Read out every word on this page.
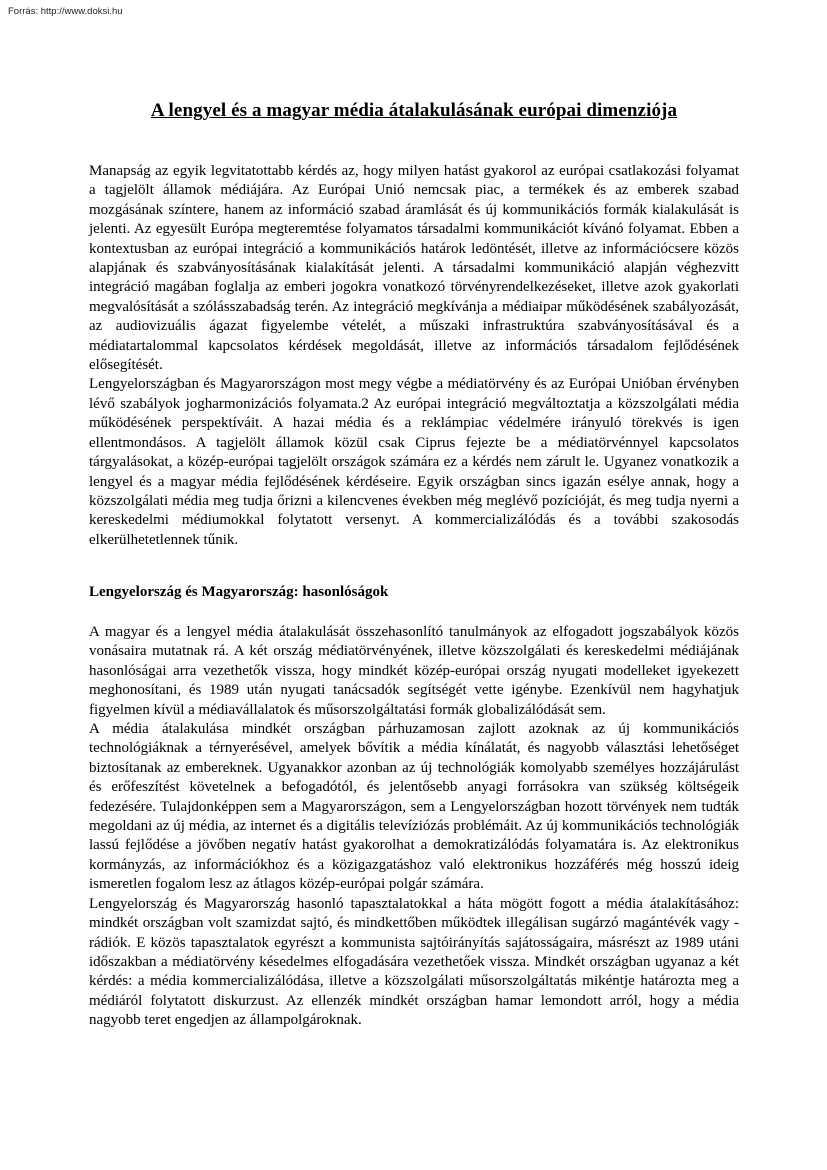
Forrás: http://www.doksi.hu
A lengyel és a magyar média átalakulásának európai dimenziója

Manapság az egyik legvitatottabb kérdés az, hogy milyen hatást gyakorol az európai csatlakozási folyamat a tagjelölt államok médiájára. Az Európai Unió nemcsak piac, a termékek és az emberek szabad mozgásának színtere, hanem az információ szabad áramlását és új kommunikációs formák kialakulását is jelenti. Az egyesült Európa megteremtése folyamatos társadalmi kommunikációt kívánó folyamat. Ebben a kontextusban az európai integráció a kommunikációs határok ledöntését, illetve az információcsere közös alapjának és szabványosításának kialakítását jelenti. A társadalmi kommunikáció alapján véghezvitt integráció magában foglalja az emberi jogokra vonatkozó törvényrendelkezéseket, illetve azok gyakorlati megvalósítását a szólásszabadság terén. Az integráció megkívánja a médiaipar működésének szabályozását, az audiovizuális ágazat figyelembe vételét, a műszaki infrastruktúra szabványosításával és a médiatartalommal kapcsolatos kérdések megoldását, illetve az információs társadalom fejlődésének elősegítését.

Lengyelországban és Magyarországon most megy végbe a médiatörvény és az Európai Unióban érvényben lévő szabályok jogharmonizációs folyamata.2 Az európai integráció megváltoztatja a közszolgálati média működésének perspektíváit. A hazai média és a reklámpiac védelmére irányuló törekvés is igen ellentmondásos. A tagjelölt államok közül csak Ciprus fejezte be a médiatörvénnyel kapcsolatos tárgyalásokat, a közép-európai tagjelölt országok számára ez a kérdés nem zárult le. Ugyanez vonatkozik a lengyel és a magyar média fejlődésének kérdéseire. Egyik országban sincs igazán esélye annak, hogy a közszolgálati média meg tudja őrizni a kilencvenes években még meglévő pozícióját, és meg tudja nyerni a kereskedelmi médiumokkal folytatott versenyt. A kommercializálódás és a további szakosodás elkerülhetetlennek tűnik.

Lengyelország és Magyarország: hasonlóságok

A magyar és a lengyel média átalakulását összehasonlító tanulmányok az elfogadott jogszabályok közös vonásaira mutatnak rá. A két ország médiatörvényének, illetve közszolgálati és kereskedelmi médiájának hasonlóságai arra vezethetők vissza, hogy mindkét közép-európai ország nyugati modelleket igyekezett meghonosítani, és 1989 után nyugati tanácsadók segítségét vette igénybe. Ezenkívül nem hagyhatjuk figyelmen kívül a médiavállalatok és műsorszolgáltatási formák globalizálódását sem.

A média átalakulása mindkét országban párhuzamosan zajlott azoknak az új kommunikációs technológiáknak a térnyerésével, amelyek bővítik a média kínálatát, és nagyobb választási lehetőséget biztosítanak az embereknek. Ugyanakkor azonban az új technológiák komolyabb személyes hozzájárulást és erőfeszítést követelnek a befogadótól, és jelentősebb anyagi forrásokra van szükség költségeik fedezésére. Tulajdonképpen sem a Magyarországon, sem a Lengyelországban hozott törvények nem tudták megoldani az új média, az internet és a digitális televíziózás problémáit. Az új kommunikációs technológiák lassú fejlődése a jövőben negatív hatást gyakorolhat a demokratizálódás folyamatára is. Az elektronikus kormányzás, az információkhoz és a közigazgatáshoz való elektronikus hozzáférés még hosszú ideig ismeretlen fogalom lesz az átlagos közép-európai polgár számára.

Lengyelország és Magyarország hasonló tapasztalatokkal a háta mögött fogott a média átalakításához: mindkét országban volt szamizdat sajtó, és mindkettőben működtek illegálisan sugárzó magántévék vagy -rádiók. E közös tapasztalatok egyrészt a kommunista sajtóirányítás sajátosságaira, másrészt az 1989 utáni időszakban a médiatörvény késedelmes elfogadására vezethetőek vissza. Mindkét országban ugyanaz a két kérdés: a média kommercializálódása, illetve a közszolgálati műsorszolgáltatás mikéntje határozta meg a médiáról folytatott diskurzust. Az ellenzék mindkét országban hamar lemondott arról, hogy a média nagyobb teret engedjen az állampolgároknak.
